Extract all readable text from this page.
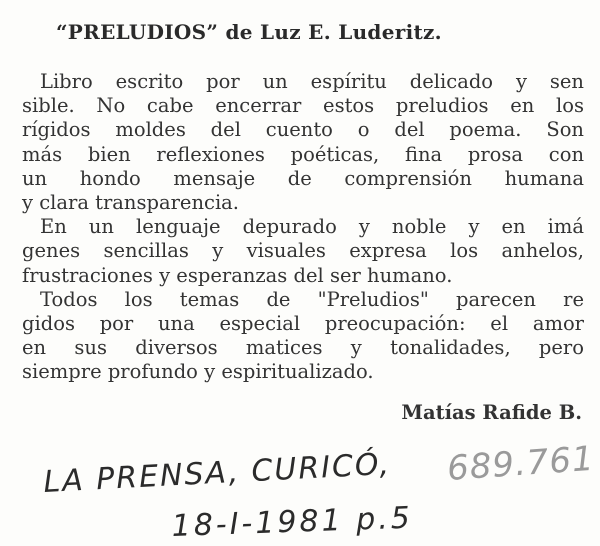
“PRELUDIOS” de Luz E. Luderitz.
Libro escrito por un espíritu delicado y sen
sible. No cabe encerrar estos preludios en los
rígidos moldes del cuento o del poema. Son
más bien reflexiones poéticas, fina prosa con
un hondo mensaje de comprensión humana
y clara transparencia.
En un lenguaje depurado y noble y en imá
genes sencillas y visuales expresa los anhelos,
frustraciones y esperanzas del ser humano.
Todos los temas de "Preludios" parecen re
gidos por una especial preocupación: el amor
en sus diversos matices y tonalidades, pero
siempre profundo y espiritualizado.

Matías Rafide B.

LA PRENSA, CURICÓ, 689.761
18-I-1981 p.5
